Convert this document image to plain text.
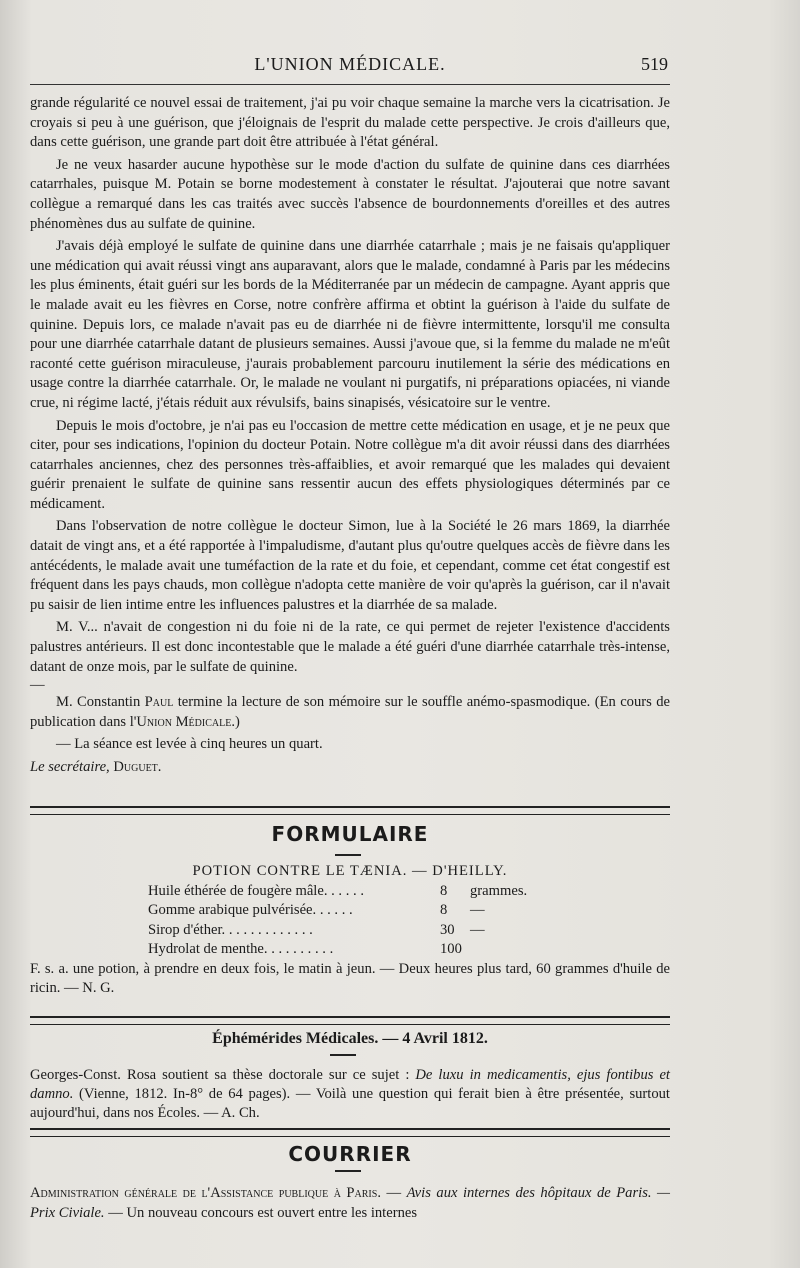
L'UNION MÉDICALE.	519

grande régularité ce nouvel essai de traitement, j'ai pu voir chaque semaine la marche vers la cicatrisation. Je croyais si peu à une guérison, que j'éloignais de l'esprit du malade cette perspective. Je crois d'ailleurs que, dans cette guérison, une grande part doit être attribuée à l'état général.

Je ne veux hasarder aucune hypothèse sur le mode d'action du sulfate de quinine dans ces diarrhées catarrhales, puisque M. Potain se borne modestement à constater le résultat. J'ajouterai que notre savant collègue a remarqué dans les cas traités avec succès l'absence de bourdonnements d'oreilles et des autres phénomènes dus au sulfate de quinine.

J'avais déjà employé le sulfate de quinine dans une diarrhée catarrhale ; mais je ne faisais qu'appliquer une médication qui avait réussi vingt ans auparavant, alors que le malade, condamné à Paris par les médecins les plus éminents, était guéri sur les bords de la Méditerranée par un médecin de campagne. Ayant appris que le malade avait eu les fièvres en Corse, notre confrère affirma et obtint la guérison à l'aide du sulfate de quinine. Depuis lors, ce malade n'avait pas eu de diarrhée ni de fièvre intermittente, lorsqu'il me consulta pour une diarrhée catarrhale datant de plusieurs semaines. Aussi j'avoue que, si la femme du malade ne m'eût raconté cette guérison miraculeuse, j'aurais probablement parcouru inutilement la série des médications en usage contre la diarrhée catarrhale. Or, le malade ne voulant ni purgatifs, ni préparations opiacées, ni viande crue, ni régime lacté, j'étais réduit aux révulsifs, bains sinapisés, vésicatoire sur le ventre.

Depuis le mois d'octobre, je n'ai pas eu l'occasion de mettre cette médication en usage, et je ne peux que citer, pour ses indications, l'opinion du docteur Potain. Notre collègue m'a dit avoir réussi dans des diarrhées catarrhales anciennes, chez des personnes très-affaiblies, et avoir remarqué que les malades qui devaient guérir prenaient le sulfate de quinine sans ressentir aucun des effets physiologiques déterminés par ce médicament.

Dans l'observation de notre collègue le docteur Simon, lue à la Société le 26 mars 1869, la diarrhée datait de vingt ans, et a été rapportée à l'impaludisme, d'autant plus qu'outre quelques accès de fièvre dans les antécédents, le malade avait une tuméfaction de la rate et du foie, et cependant, comme cet état congestif est fréquent dans les pays chauds, mon collègue n'adopta cette manière de voir qu'après la guérison, car il n'avait pu saisir de lien intime entre les influences palustres et la diarrhée de sa malade.

M. V... n'avait de congestion ni du foie ni de la rate, ce qui permet de rejeter l'existence d'accidents palustres antérieurs. Il est donc incontestable que le malade a été guéri d'une diarrhée catarrhale très-intense, datant de onze mois, par le sulfate de quinine.

—

M. Constantin Paul termine la lecture de son mémoire sur le souffle anémo-spasmodique. (En cours de publication dans l'Union Médicale.)

— La séance est levée à cinq heures un quart.

Le secrétaire, Duguet.

FORMULAIRE
POTION CONTRE LE TÆNIA. — D'HEILLY.
Huile éthérée de fougère mâle. . . . . .	8 grammes.
Gomme arabique pulvérisée. . . . . .	8 —
Sirop d'éther. . . . . . . . . . . . .	30 —
Hydrolat de menthe. . . . . . . . . .	100
F. s. a. une potion, à prendre en deux fois, le matin à jeun. — Deux heures plus tard, 60 grammes d'huile de ricin. — N. G.
Éphémérides Médicales. — 4 Avril 1812.
Georges-Const. Rosa soutient sa thèse doctorale sur ce sujet : De luxu in medicamentis, ejus fontibus et damno. (Vienne, 1812. In-8° de 64 pages). — Voilà une question qui ferait bien à être présentée, surtout aujourd'hui, dans nos Écoles. — A. Ch.
COURRIER
Administration générale de l'Assistance publique à Paris. — Avis aux internes des hôpitaux de Paris. — Prix Civiale. — Un nouveau concours est ouvert entre les internes
